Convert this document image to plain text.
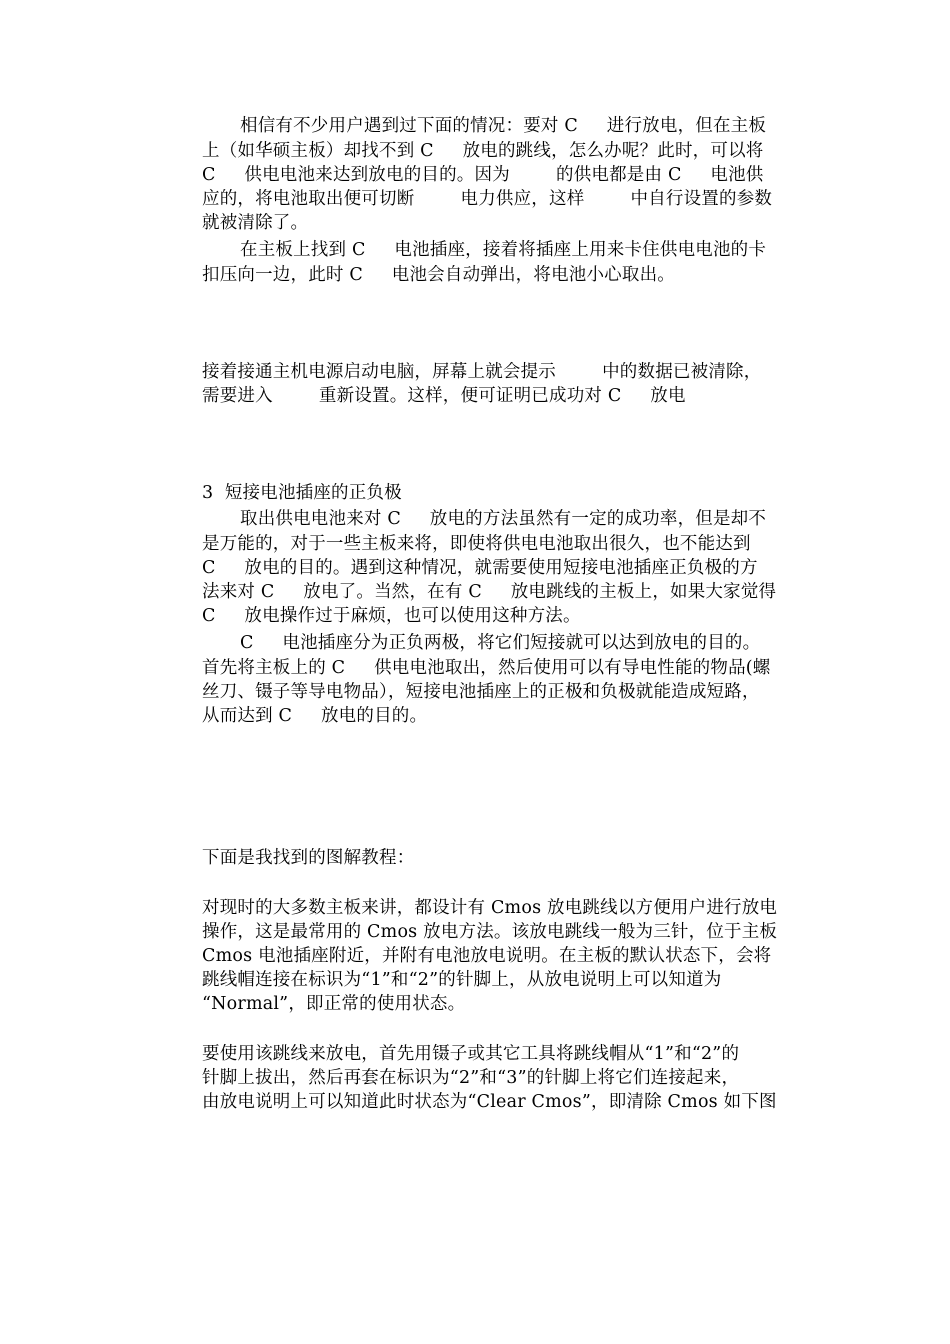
相信有不少用户遇到过下面的情况：要对 C     进行放电，但在主板
上（如华硕主板）却找不到 C     放电的跳线，怎么办呢？此时，可以将
C     供电电池来达到放电的目的。因为        的供电都是由 C     电池供
应的，将电池取出便可切断        电力供应，这样        中自行设置的参数
就被清除了。
在主板上找到 C     电池插座，接着将插座上用来卡住供电电池的卡
扣压向一边，此时 C     电池会自动弹出，将电池小心取出。
接着接通主机电源启动电脑，屏幕上就会提示        中的数据已被清除，
需要进入        重新设置。这样，便可证明已成功对 C     放电
3  短接电池插座的正负极
取出供电电池来对 C     放电的方法虽然有一定的成功率，但是却不
是万能的，对于一些主板来将，即使将供电电池取出很久，也不能达到
C     放电的目的。遇到这种情况，就需要使用短接电池插座正负极的方
法来对 C     放电了。当然，在有 C     放电跳线的主板上，如果大家觉得
C     放电操作过于麻烦，也可以使用这种方法。
C     电池插座分为正负两极，将它们短接就可以达到放电的目的。
首先将主板上的 C     供电电池取出，然后使用可以有导电性能的物品(螺
丝刀、镊子等导电物品），短接电池插座上的正极和负极就能造成短路，
从而达到 C     放电的目的。
下面是我找到的图解教程：
对现时的大多数主板来讲，都设计有 Cmos 放电跳线以方便用户进行放电
操作，这是最常用的 Cmos 放电方法。该放电跳线一般为三针，位于主板
Cmos 电池插座附近，并附有电池放电说明。在主板的默认状态下，会将
跳线帽连接在标识为“1”和“2”的针脚上，从放电说明上可以知道为
“Normal”，即正常的使用状态。
要使用该跳线来放电，首先用镊子或其它工具将跳线帽从“1”和“2”的
针脚上拔出，然后再套在标识为“2”和“3”的针脚上将它们连接起来，
由放电说明上可以知道此时状态为“Clear Cmos”，即清除 Cmos 如下图
